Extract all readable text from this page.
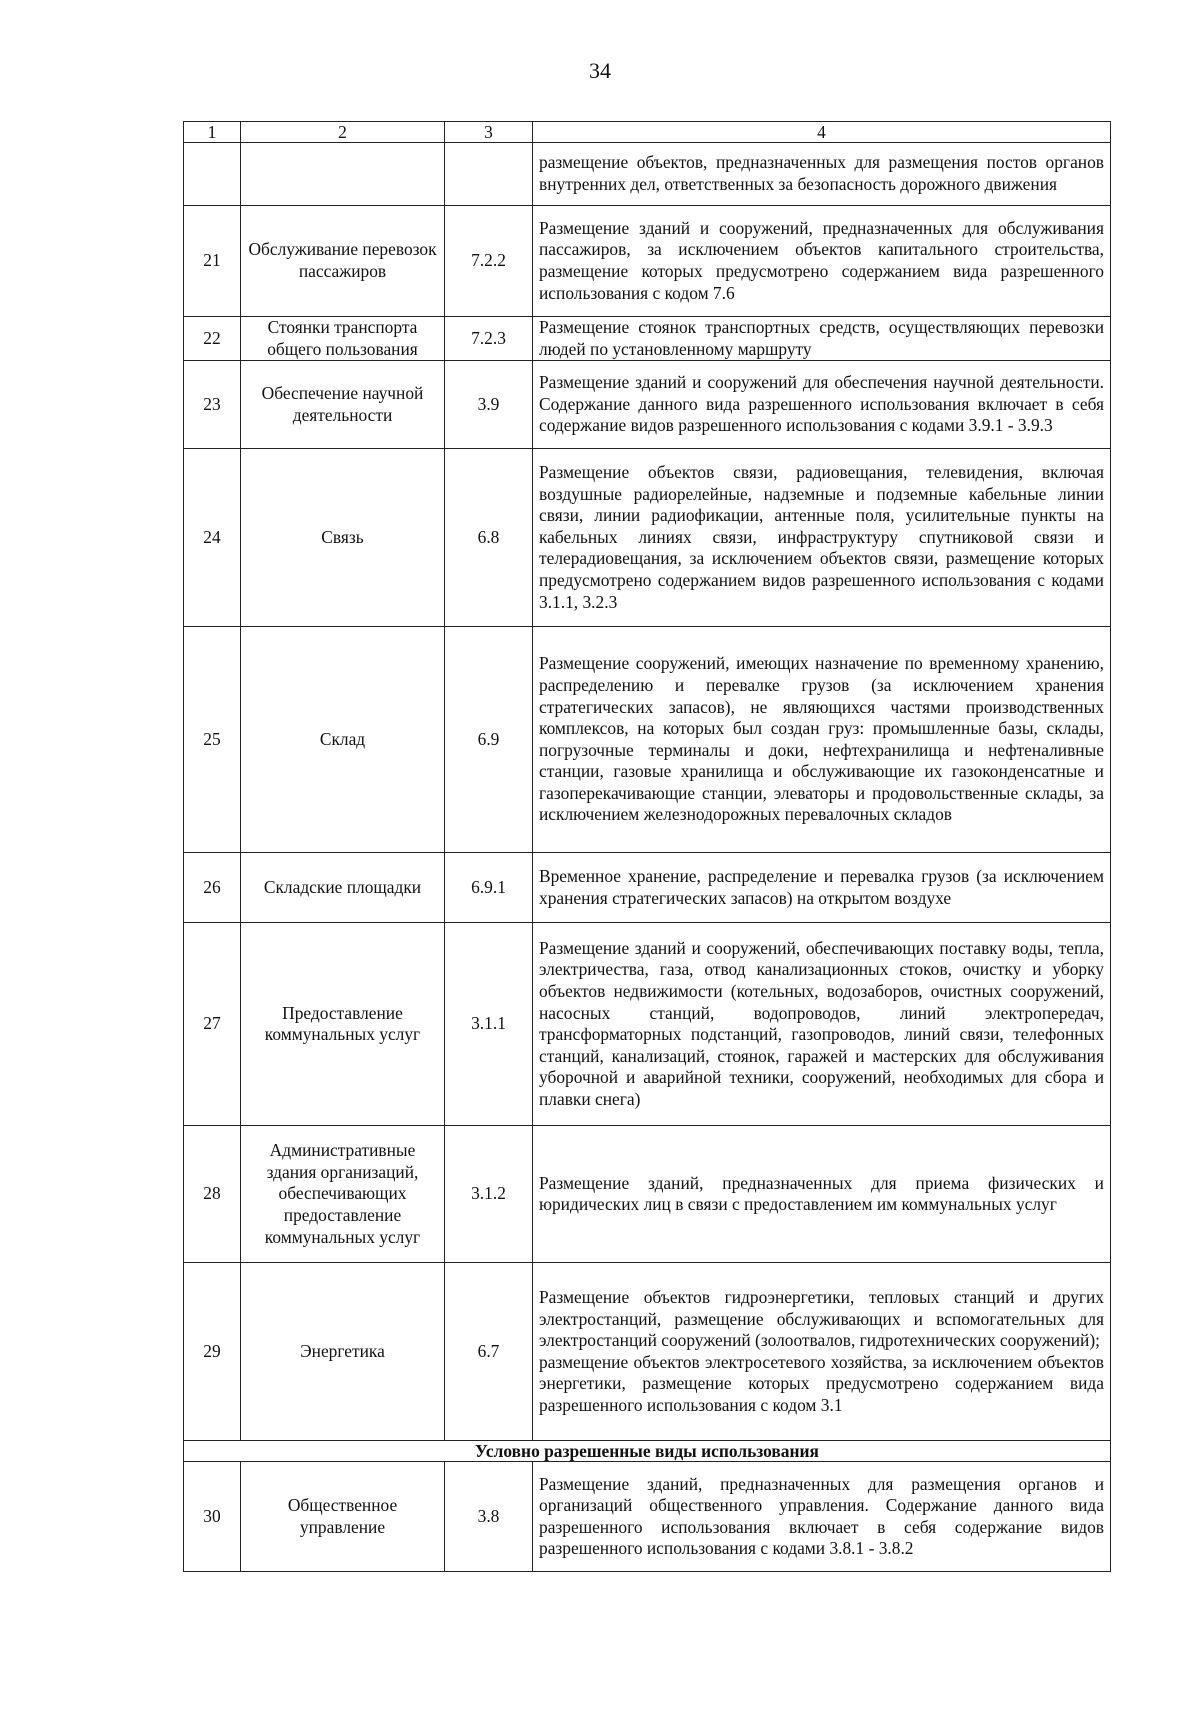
34
1	2	3	4
			размещение объектов, предназначенных для размещения постов органов внутренних дел, ответственных за безопасность дорожного движения
21	Обслуживание перевозок пассажиров	7.2.2	Размещение зданий и сооружений, предназначенных для обслуживания пассажиров, за исключением объектов капитального строительства, размещение которых предусмотрено содержанием вида разрешенного использования с кодом 7.6
22	Стоянки транспорта общего пользования	7.2.3	Размещение стоянок транспортных средств, осуществляющих перевозки людей по установленному маршруту
23	Обеспечение научной деятельности	3.9	Размещение зданий и сооружений для обеспечения научной деятельности. Содержание данного вида разрешенного использования включает в себя содержание видов разрешенного использования с кодами 3.9.1 - 3.9.3
24	Связь	6.8	Размещение объектов связи, радиовещания, телевидения, включая воздушные радиорелейные, надземные и подземные кабельные линии связи, линии радиофикации, антенные поля, усилительные пункты на кабельных линиях связи, инфраструктуру спутниковой связи и телерадиовещания, за исключением объектов связи, размещение которых предусмотрено содержанием видов разрешенного использования с кодами 3.1.1, 3.2.3
25	Склад	6.9	Размещение сооружений, имеющих назначение по временному хранению, распределению и перевалке грузов (за исключением хранения стратегических запасов), не являющихся частями производственных комплексов, на которых был создан груз: промышленные базы, склады, погрузочные терминалы и доки, нефтехранилища и нефтеналивные станции, газовые хранилища и обслуживающие их газоконденсатные и газоперекачивающие станции, элеваторы и продовольственные склады, за исключением железнодорожных перевалочных складов
26	Складские площадки	6.9.1	Временное хранение, распределение и перевалка грузов (за исключением хранения стратегических запасов) на открытом воздухе
27	Предоставление коммунальных услуг	3.1.1	Размещение зданий и сооружений, обеспечивающих поставку воды, тепла, электричества, газа, отвод канализационных стоков, очистку и уборку объектов недвижимости (котельных, водозаборов, очистных сооружений, насосных станций, водопроводов, линий электропередач, трансформаторных подстанций, газопроводов, линий связи, телефонных станций, канализаций, стоянок, гаражей и мастерских для обслуживания уборочной и аварийной техники, сооружений, необходимых для сбора и плавки снега)
28	Административные здания организаций, обеспечивающих предоставление коммунальных услуг	3.1.2	Размещение зданий, предназначенных для приема физических и юридических лиц в связи с предоставлением им коммунальных услуг
29	Энергетика	6.7	Размещение объектов гидроэнергетики, тепловых станций и других электростанций, размещение обслуживающих и вспомогательных для электростанций сооружений (золоотвалов, гидротехнических сооружений);

размещение объектов электросетевого хозяйства, за исключением объектов энергетики, размещение которых предусмотрено содержанием вида разрешенного использования с кодом 3.1

Условно разрешенные виды использования			
30	Общественное управление	3.8	Размещение зданий, предназначенных для размещения органов и организаций общественного управления. Содержание данного вида разрешенного использования включает в себя содержание видов разрешенного использования с кодами 3.8.1 - 3.8.2
